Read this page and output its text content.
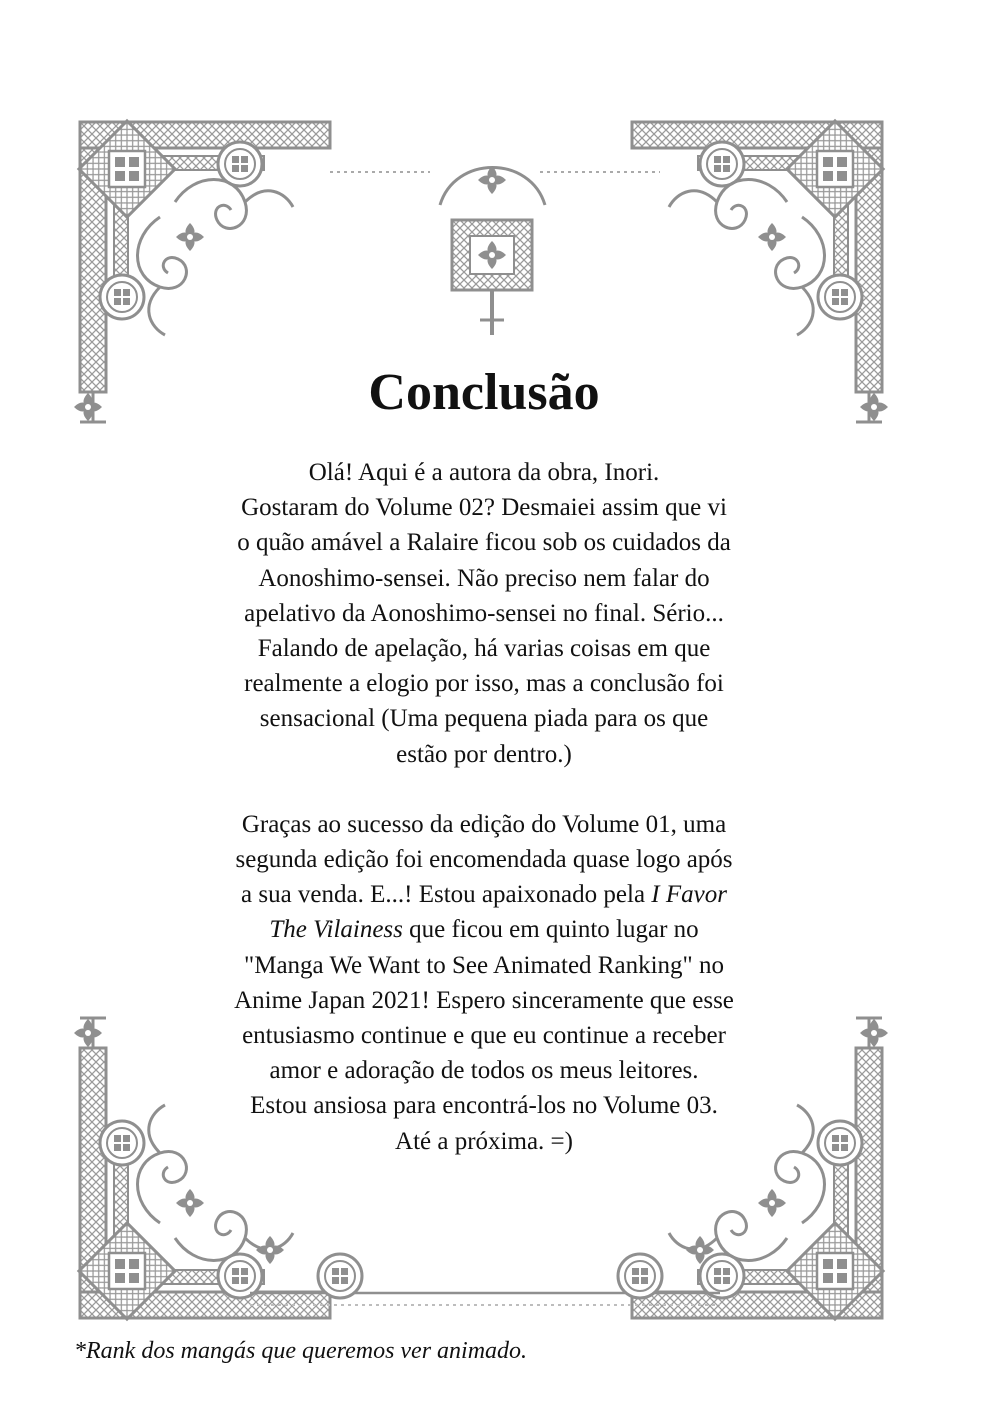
Conclusão

Olá! Aqui é a autora da obra, Inori.

Gostaram do Volume 02? Desmaiei assim que vi

o quão amável a Ralaire ficou sob os cuidados da

Aonoshimo-sensei. Não preciso nem falar do

apelativo da Aonoshimo-sensei no final. Sério...

Falando de apelação, há varias coisas em que

realmente a elogio por isso, mas a conclusão foi

sensacional (Uma pequena piada para os que

estão por dentro.)

Graças ao sucesso da edição do Volume 01, uma

segunda edição foi encomendada quase logo após

a sua venda. E...! Estou apaixonado pela I Favor

The Vilainess que ficou em quinto lugar no

"Manga We Want to See Animated Ranking" no

Anime Japan 2021! Espero sinceramente que esse

entusiasmo continue e que eu continue a receber

amor e adoração de todos os meus leitores.

Estou ansiosa para encontrá-los no Volume 03.

Até a próxima. =)

*Rank dos mangás que queremos ver animado.
